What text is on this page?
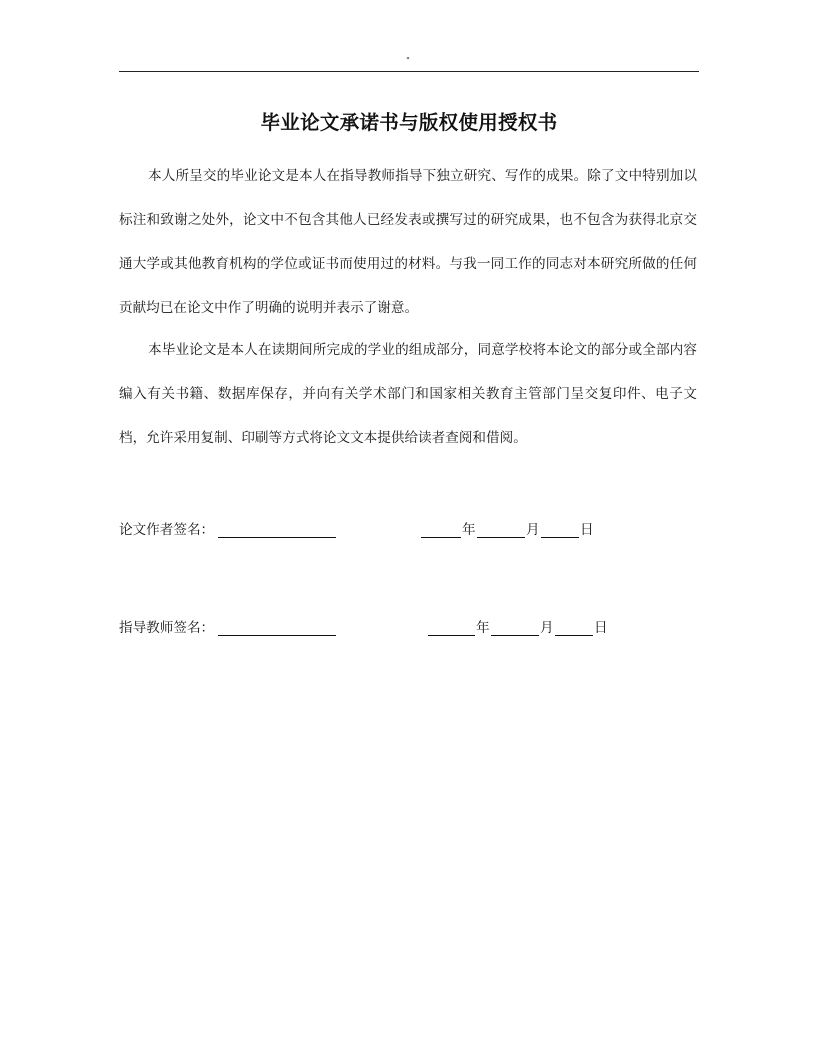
"
毕业论文承诺书与版权使用授权书

本人所呈交的毕业论文是本人在指导教师指导下独立研究、写作的成果。除了文中特别加以标注和致谢之处外，论文中不包含其他人已经发表或撰写过的研究成果，也不包含为获得北京交通大学或其他教育机构的学位或证书而使用过的材料。与我一同工作的同志对本研究所做的任何贡献均已在论文中作了明确的说明并表示了谢意。

本毕业论文是本人在读期间所完成的学业的组成部分，同意学校将本论文的部分或全部内容编入有关书籍、数据库保存，并向有关学术部门和国家相关教育主管部门呈交复印件、电子文档，允许采用复制、印刷等方式将论文文本提供给读者查阅和借阅。

论文作者签名：	年	月	日
指导教师签名：	年	月	日
